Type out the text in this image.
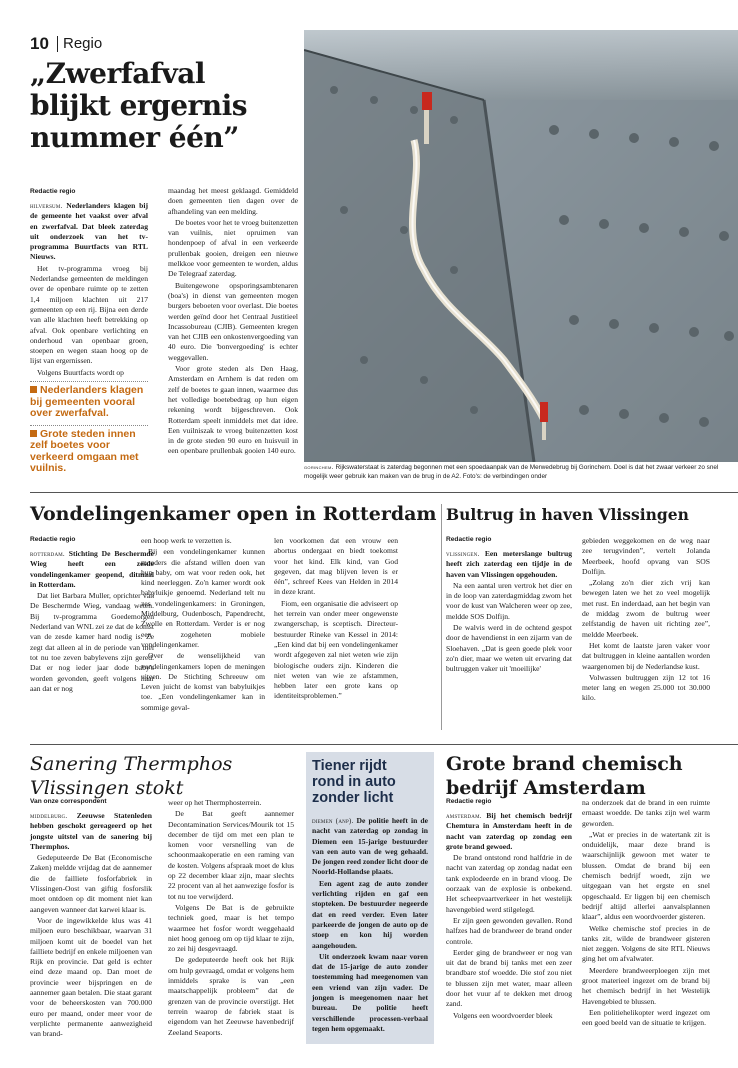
10 Regio
„Zwerfafval
blijkt ergernis
nummer één”
Redactie regio

hilversum. Nederlanders klagen bij de gemeente het vaakst over afval en zwerfafval. Dat bleek zaterdag uit onderzoek van het tv-programma Buurtfacts van RTL Nieuws.

Het tv-programma vroeg bij Nederlandse gemeenten de meldingen over de openbare ruimte op te zetten 1,4 miljoen klachten uit 217 gemeenten op een rij. Bijna een derde van alle klachten heeft betrekking op afval. Ook openbare verlichting en onderhoud van openbaar groen, stoepen en wegen staan hoog op de lijst van ergernissen.

Volgens Buurtfacts wordt op

Nederlanders klagen bij gemeenten vooral over zwerfafval.
Grote steden innen zelf boetes voor verkeerd omgaan met vuilnis.

maandag het meest geklaagd. Gemiddeld doen gemeenten tien dagen over de afhandeling van een melding.

De boetes voor het te vroeg buitenzetten van vuilnis, niet opruimen van hondenpoep of afval in een verkeerde prullenbak gooien, dreigen een nieuwe melkkoe voor gemeenten te worden, aldus De Telegraaf zaterdag.

Buitengewone opsporingsambtenaren (boa's) in dienst van gemeenten mogen burgers beboeten voor overlast. Die boetes werden geïnd door het Centraal Justitieel Incassobureau (CJIB). Gemeenten kregen van het CJIB een onkostenvergoeding van 40 euro. Die 'bonvergoeding' is echter weggevallen.

Voor grote steden als Den Haag, Amsterdam en Arnhem is dat reden om zelf de boetes te gaan innen, waarmee dus het volledige boetebedrag op hun eigen rekening wordt bijgeschreven. Ook Rotterdam speelt inmiddels met dat idee. Een vuilniszak te vroeg buitenzetten kost in de grote steden 90 euro en huisvuil in een openbare prullenbak gooien 140 euro.

gorinchem. Rijkswaterstaat is zaterdag begonnen met een spoedaanpak van de Merwedebrug bij Gorinchem. Doel is dat het zwaar verkeer zo snel mogelijk weer gebruik kan maken van de brug in de A2. Foto's: de verbindingen onder
Vondelingenkamer open in Rotterdam
Redactie regio

rotterdam. Stichting De Beschermde Wieg heeft een zesde vondelingenkamer geopend, ditmaal in Rotterdam.

Dat liet Barbara Muller, oprichter van De Beschermde Wieg, vandaag weten. Bij tv-programma Goedemorgen Nederland van WNL zei ze dat de komst van de zesde kamer hard nodig is. Ze zegt dat alleen al in de periode van mei tot nu toe zeven babylevens zijn gered. Dat er nog ieder jaar dode baby's worden gevonden, geeft volgens haar aan dat er nog

een hoop werk te verzetten is.

Bij een vondelingenkamer kunnen moeders die afstand willen doen van hun baby, om wat voor reden ook, het kind neerleggen. Zo'n kamer wordt ook babyluikje genoemd. Nederland telt nu zes vondelingenkamers: in Groningen, Middelburg, Oudenbosch, Papendrecht, Zwolle en Rotterdam. Verder is er nog een zogeheten mobiele vondelingenkamer.

Over de wenselijkheid van vondelingenkamers lopen de meningen uiteen. De Stichting Schreeuw om Leven juicht de komst van babyluikjes toe. „Een vondelingenkamer kan in sommige geval-

len voorkomen dat een vrouw een abortus ondergaat en biedt toekomst voor het kind. Elk kind, van God gegeven, dat mag blijven leven is er één”, schreef Kees van Helden in 2014 in deze krant.

Fiom, een organisatie die adviseert op het terrein van onder meer ongewenste zwangerschap, is sceptisch. Directeur-bestuurder Rineke van Kessel in 2014: „Een kind dat bij een vondelingenkamer wordt afgegeven zal niet weten wie zijn biologische ouders zijn. Kinderen die niet weten van wie ze afstammen, hebben later een grote kans op identiteitsproblemen.”

Bultrug in haven Vlissingen
Redactie regio

vlissingen. Een meterslange bultrug heeft zich zaterdag een tijdje in de haven van Vlissingen opgehouden.

Na een aantal uren vertrok het dier en in de loop van zaterdagmiddag zwom het voor de kust van Walcheren weer op zee, meldde SOS Dolfijn.

De walvis werd in de ochtend gespot door de havendienst in een zijarm van de Sloehaven. „Dat is geen goede plek voor zo'n dier, maar we weten uit ervaring dat bultruggen vaker uit 'moeilijke'

gebieden weggekomen en de weg naar zee terugvinden”, vertelt Jolanda Meerbeek, hoofd opvang van SOS Dolfijn.

„Zolang zo'n dier zich vrij kan bewegen laten we het zo veel mogelijk met rust. En inderdaad, aan het begin van de middag zwom de bultrug weer zelfstandig de haven uit richting zee”, meldde Meerbeek.

Het komt de laatste jaren vaker voor dat bultruggen in kleine aantallen worden waargenomen bij de Nederlandse kust.

Volwassen bultruggen zijn 12 tot 16 meter lang en wegen 25.000 tot 30.000 kilo.

Sanering Thermphos
Vlissingen stokt
Van onze correspondent

middelburg. Zeeuwse Statenleden hebben geschokt gereageerd op het jongste uitstel van de sanering bij Thermphos.

Gedeputeerde De Bat (Economische Zaken) meldde vrijdag dat de aannemer die de failliete fosforfabriek in Vlissingen-Oost van giftig fosforslik moet ontdoen op dit moment niet kan aangeven wanneer dat karwei klaar is.

Voor de ingewikkelde klus was 41 miljoen euro beschikbaar, waarvan 31 miljoen komt uit de boedel van het failliete bedrijf en enkele miljoenen van Rijk en provincie. Dat geld is echter eind deze maand op. Dan moet de provincie weer bijspringen en de aannemer gaan betalen. Die staat garant voor de beheerskosten van 700.000 euro per maand, onder meer voor de verplichte permanente aanwezigheid van brand-

weer op het Thermphosterrein.

De Bat geeft aannemer Decontamination Services/Mourik tot 15 december de tijd om met een plan te komen voor versnelling van de schoonmaakoperatie en een raming van de kosten. Volgens afspraak moet de klus op 22 december klaar zijn, maar slechts 22 procent van al het aanwezige fosfor is tot nu toe verwijderd.

Volgens De Bat is de gebruikte techniek goed, maar is het tempo waarmee het fosfor wordt weggehaald niet hoog genoeg om op tijd klaar te zijn, zo zei hij desgevraagd.

De gedeputeerde heeft ook het Rijk om hulp gevraagd, omdat er volgens hem inmiddels sprake is van „een maatschappelijk probleem” dat de grenzen van de provincie overstijgt. Het terrein waarop de fabriek staat is eigendom van het Zeeuwse havenbedrijf Zeeland Seaports.

Tiener rijdt
rond in auto
zonder licht

diemen (anp). De politie heeft in de nacht van zaterdag op zondag in Diemen een 15-jarige bestuurder van een auto van de weg gehaald. De jongen reed zonder licht door de Noorld-Hollandse plaats.

Een agent zag de auto zonder verlichting rijden en gaf een stopteken. De bestuurder negeerde dat en reed verder. Even later parkeerde de jongen de auto op de stoep en kon hij worden aangehouden.

Uit onderzoek kwam naar voren dat de 15-jarige de auto zonder toestemming had meegenomen van een vriend van zijn vader. De jongen is meegenomen naar het bureau. De politie heeft verschillende processen-verbaal tegen hem opgemaakt.

Grote brand chemisch
bedrijf Amsterdam
Redactie regio

amsterdam. Bij het chemisch bedrijf Chemtura in Amsterdam heeft in de nacht van zaterdag op zondag een grote brand gewoed.

De brand ontstond rond halfdrie in de nacht van zaterdag op zondag nadat een tank explodeerde en in brand vloog. De oorzaak van de explosie is onbekend. Het scheepvaartverkeer in het westelijk havengebied werd stilgelegd.

Er zijn geen gewonden gevallen. Rond halfzes had de brandweer de brand onder controle.

Eerder ging de brandweer er nog van uit dat de brand bij tanks met een zeer brandbare stof woedde. Die stof zou niet te blussen zijn met water, maar alleen door het vuur af te dekken met droog zand.

Volgens een woordvoerder bleek

na onderzoek dat de brand in een ruimte ernaast woedde. De tanks zijn wel warm geworden.

„Wat er precies in de watertank zit is onduidelijk, maar deze brand is waarschijnlijk gewoon met water te blussen. Omdat de brand bij een chemisch bedrijf woedt, zijn we uitgegaan van het ergste en snel opgeschaald. Er liggen bij een chemisch bedrijf altijd allerlei aanvalsplannen klaar”, aldus een woordvoerder gisteren.

Welke chemische stof precies in de tanks zit, wilde de brandweer gisteren niet zeggen. Volgens de site RTL Nieuws ging het om afvalwater.

Meerdere brandweerploegen zijn met groot materieel ingezet om de brand bij het chemisch bedrijf in het Westelijk Havengebied te blussen.

Een politiehelikopter werd ingezet om een goed beeld van de situatie te krijgen.
